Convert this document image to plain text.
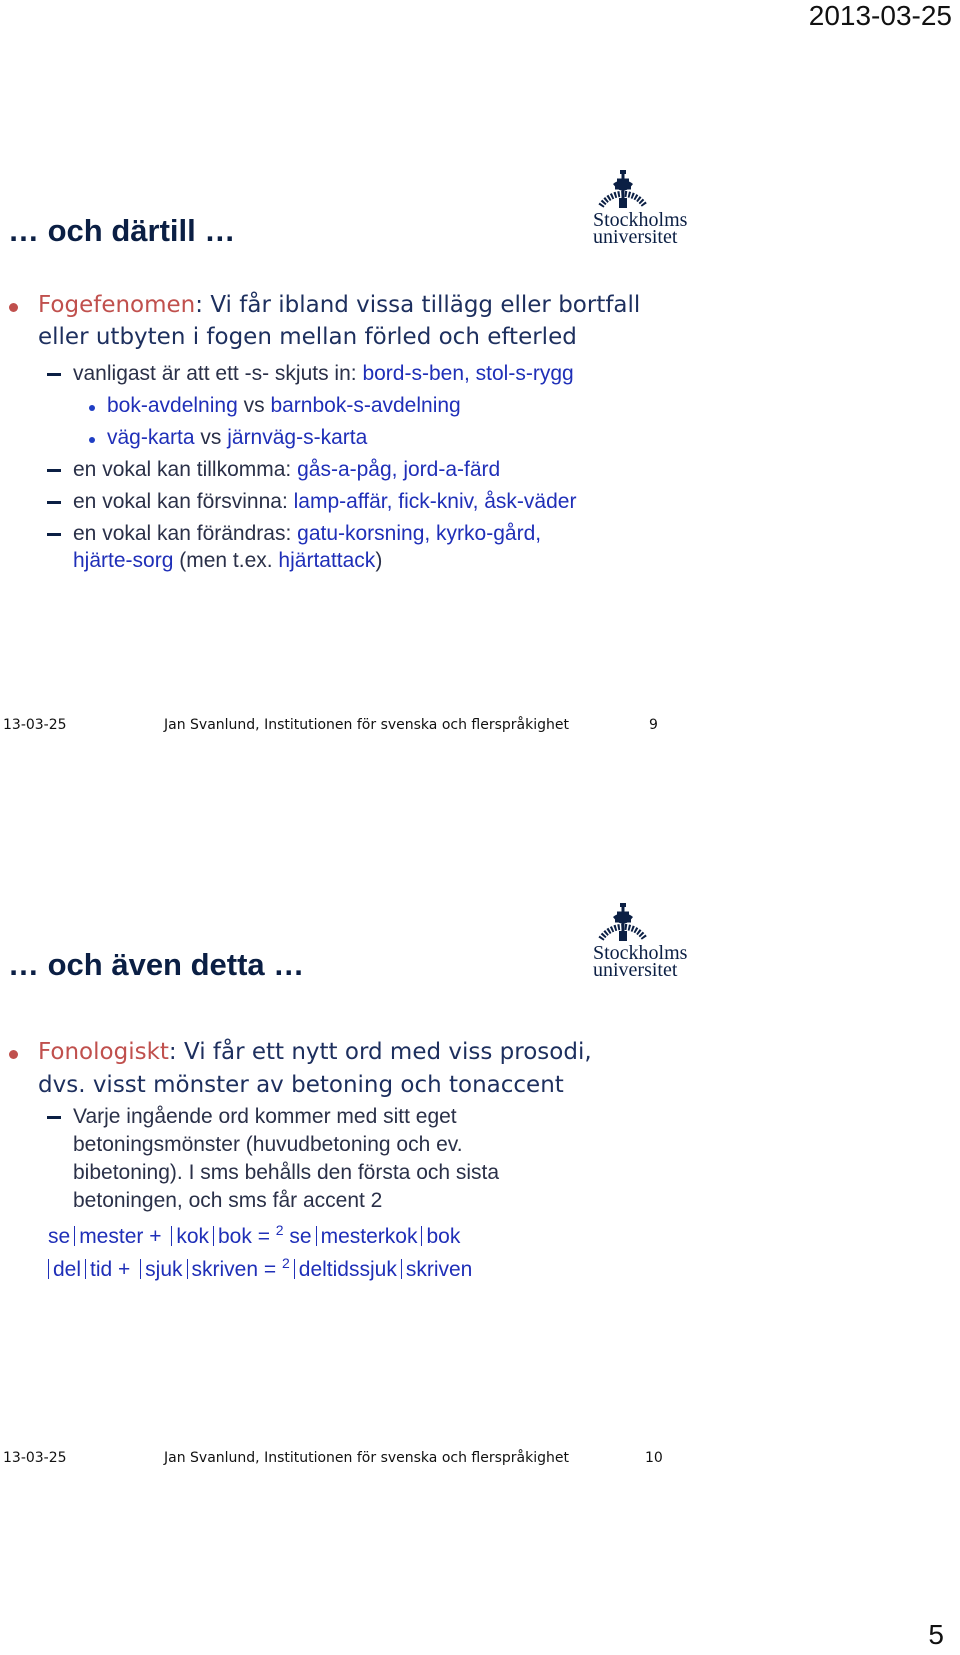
2013-03-25
Stockholms
universitet
… och därtill …
Fogefenomen: Vi får ibland vissa tillägg eller bortfall
eller utbyten i fogen mellan förled och efterled
vanligast är att ett -s- skjuts in: bord-s-ben, stol-s-rygg
bok-avdelning vs barnbok-s-avdelning
väg-karta vs järnväg-s-karta
en vokal kan tillkomma: gås-a-påg, jord-a-färd
en vokal kan försvinna: lamp-affär, fick-kniv, åsk-väder
en vokal kan förändras: gatu-korsning, kyrko-gård,
hjärte-sorg (men t.ex. hjärtattack)
13-03-25	Jan Svanlund, Institutionen för svenska och flerspråkighet	9
Stockholms
universitet
… och även detta …
Fonologiskt: Vi får ett nytt ord med viss prosodi,
dvs. visst mönster av betoning och tonaccent
Varje ingående ord kommer med sitt eget
betoningsmönster (huvudbetoning och ev.
bibetoning). I sms behålls den första och sista
betoningen, och sms får accent 2
se mester + kok bok = $^2$ se mesterkok bok
del tid + sjuk skriven = $^2$ deltidssjuk skriven
13-03-25	Jan Svanlund, Institutionen för svenska och flerspråkighet	10
5
